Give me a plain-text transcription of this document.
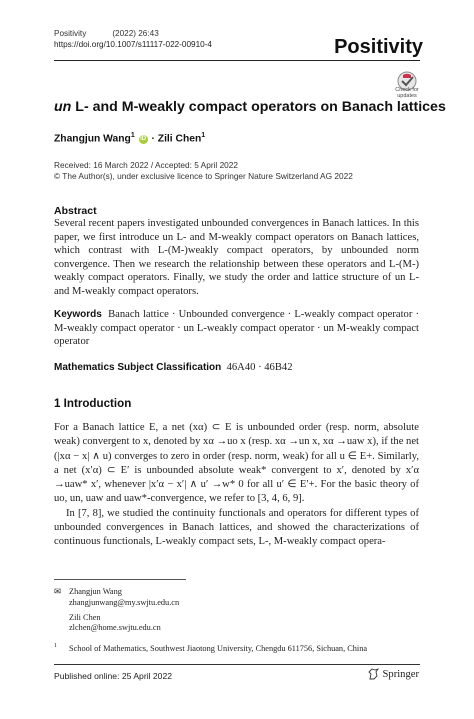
Positivity	(2022) 26:43
https://doi.org/10.1007/s11117-022-00910-4	Positivity
Check for updates
un L- and M-weakly compact operators on Banach lattices
Zhangjun Wang$^1$ iD · Zili Chen$^1$
Received: 16 March 2022 / Accepted: 5 April 2022
© The Author(s), under exclusive licence to Springer Nature Switzerland AG 2022
Abstract
Several recent papers investigated unbounded convergences in Banach lattices. In this paper, we first introduce un L- and M-weakly compact operators on Banach lattices, which contrast with L-(M-)weakly compact operators, by unbounded norm convergence. Then we research the relationship between these operators and L-(M-) weakly compact operators. Finally, we study the order and lattice structure of un L- and M-weakly compact operators.
Keywords Banach lattice · Unbounded convergence · L-weakly compact operator · M-weakly compact operator · un L-weakly compact operator · un M-weakly compact operator
Mathematics Subject Classification 46A40 · 46B42
1 Introduction

For a Banach lattice E, a net (xα) ⊂ E is unbounded order (resp. norm, absolute weak) convergent to x, denoted by xα →uo x (resp. xα →un x, xα →uaw x), if the net (|xα − x| ∧ u) converges to zero in order (resp. norm, weak) for all u ∈ E+. Similarly, a net (x′α) ⊂ E′ is unbounded absolute weak* convergent to x′, denoted by x′α →uaw* x′, whenever |x′α − x′| ∧ u′ →w* 0 for all u′ ∈ E′+. For the basic theory of uo, un, uaw and uaw*-convergence, we refer to [3, 4, 6, 9].

In [7, 8], we studied the continuity functionals and operators for different types of unbounded convergences in Banach lattices, and showed the characterizations of continuous functionals, L-weakly compact sets, L-, M-weakly compact opera-

✉ Zhangjun Wang
zhangjunwang@my.swjtu.edu.cn
Zili Chen
zlchen@home.swjtu.edu.cn
$^1$ School of Mathematics, Southwest Jiaotong University, Chengdu 611756, Sichuan, China
Published online: 25 April 2022	Springer
